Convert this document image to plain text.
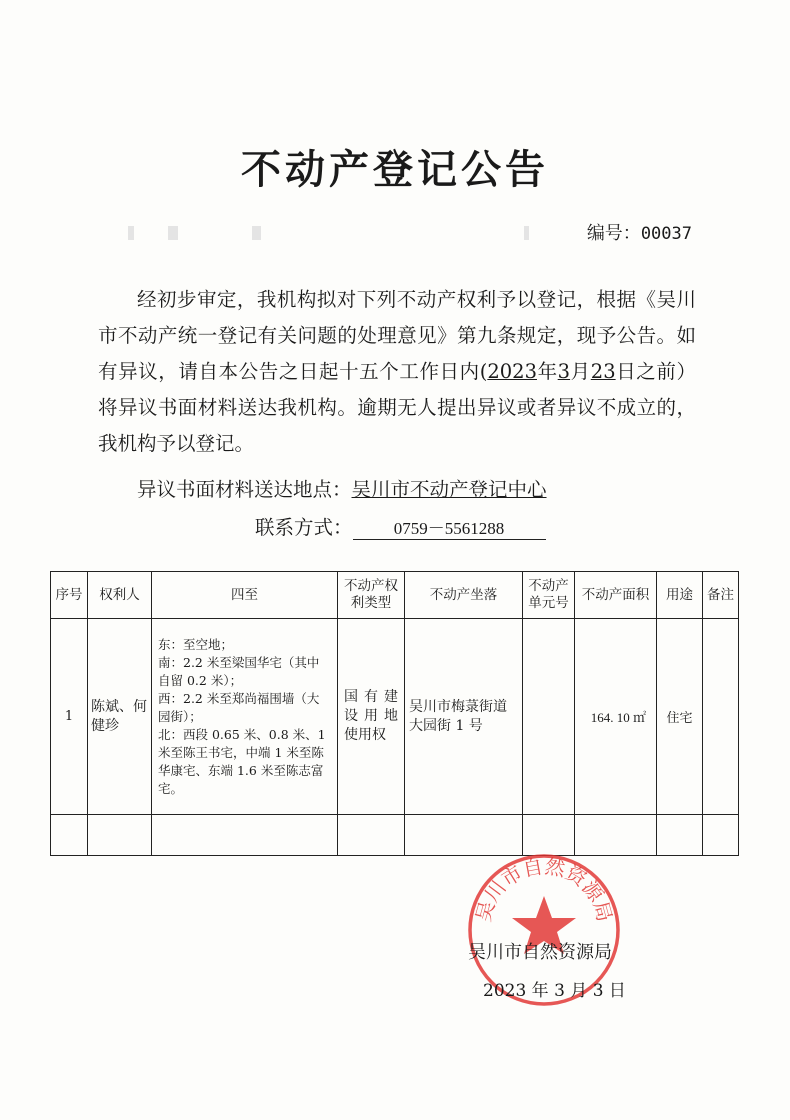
不动产登记公告
编号：00037

经初步审定，我机构拟对下列不动产权利予以登记，根据《吴川市不动产统一登记有关问题的处理意见》第九条规定，现予公告。如有异议，请自本公告之日起十五个工作日内(2023年3月23日之前）将异议书面材料送达我机构。逾期无人提出异议或者异议不成立的，我机构予以登记。

异议书面材料送达地点：吴川市不动产登记中心
联系方式： 0759－5561288
序号	权利人	四至	不动产权利类型	不动产坐落	不动产单元号	不动产面积	用途	备注
1	陈斌、何健珍	东：至空地；
南：2.2 米至梁国华宅（其中自留 0.2 米）；
西：2.2 米至郑尚福围墙（大园街）；
北：西段 0.65 米、0.8 米、1 米至陈王书宅，中端 1 米至陈华康宅、东端 1.6 米至陈志富宅。	国有建设用地使用权	吴川市梅菉街道大园街 1 号		164. 10 ㎡	住宅	

吴川市自然资源局
吴川市自然资源局
2023 年 3 月 3 日
